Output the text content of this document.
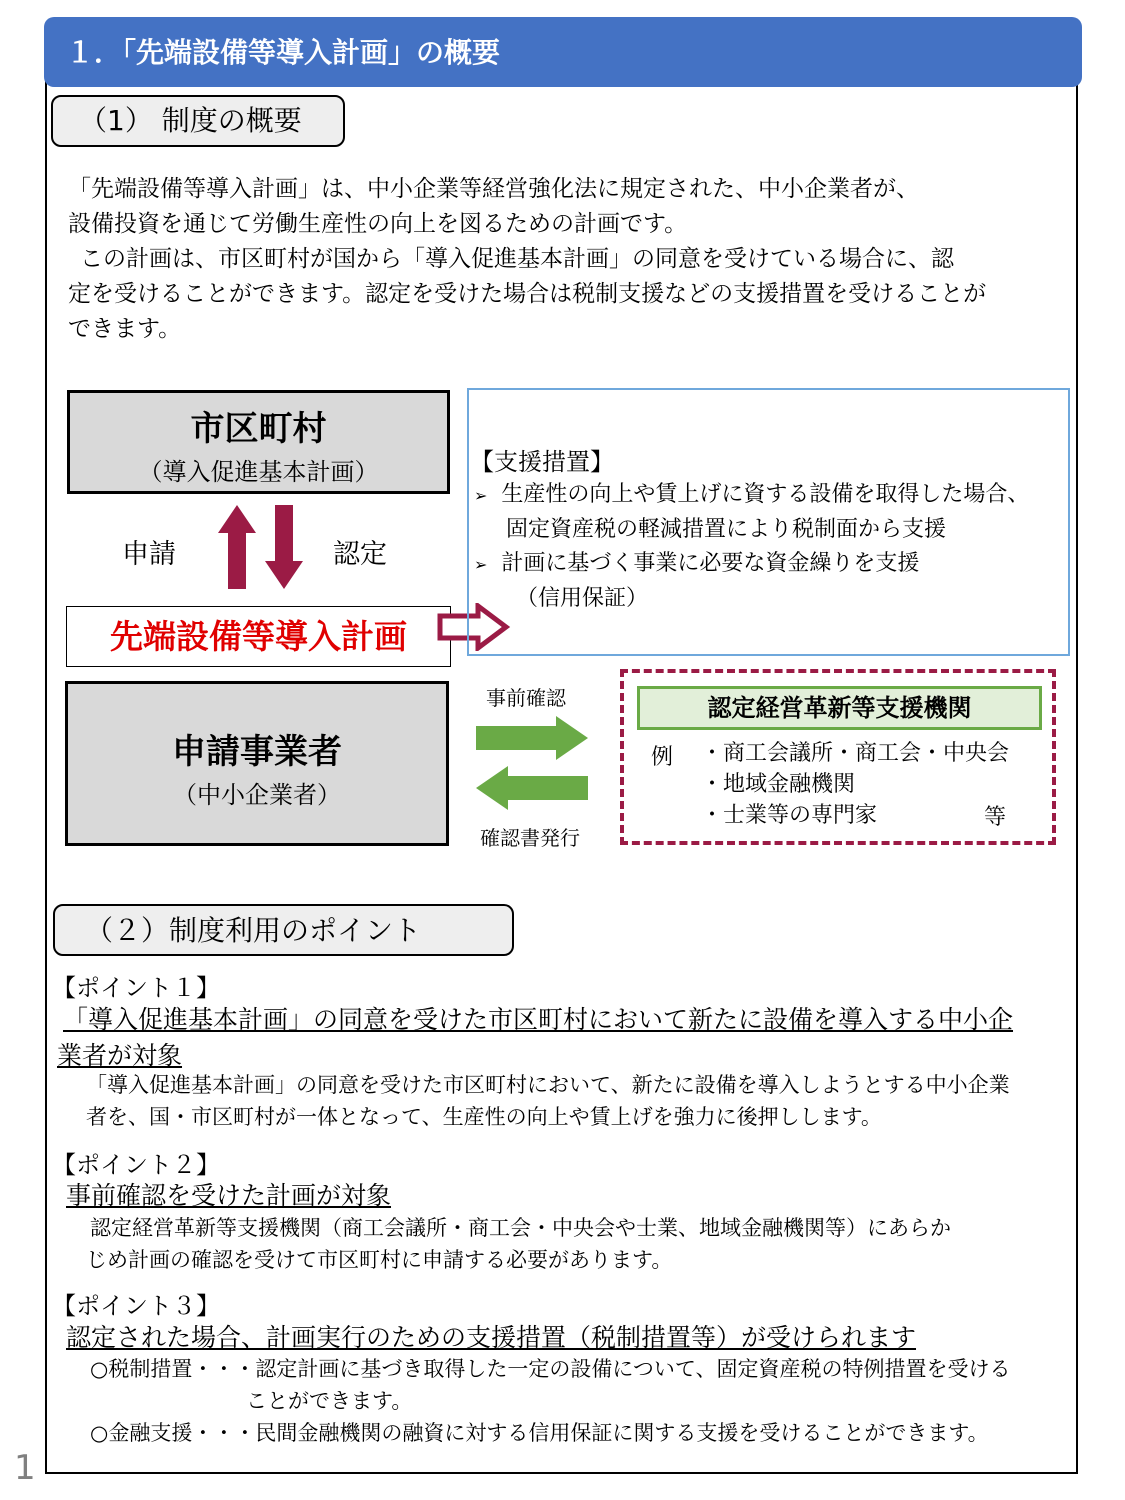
１．「先端設備等導入計画」の概要
（1） 制度の概要
「先端設備等導入計画」は、中小企業等経営強化法に規定された、中小企業者が、
設備投資を通じて労働生産性の向上を図るための計画です。
この計画は、市区町村が国から「導入促進基本計画」の同意を受けている場合に、認
定を受けることができます。認定を受けた場合は税制支援などの支援措置を受けることが
できます。
市区町村
（導入促進基本計画）
申請	認定
先端設備等導入計画
【支援措置】
➢ 生産性の向上や賃上げに資する設備を取得した場合、
固定資産税の軽減措置により税制面から支援
➢ 計画に基づく事業に必要な資金繰りを支援
（信用保証）
申請事業者
（中小企業者）
事前確認
確認書発行
認定経営革新等支援機関
例 ・商工会議所・商工会・中央会
・地域金融機関
・士業等の専門家	等
（２）制度利用のポイント
【ポイント１】
「導入促進基本計画」の同意を受けた市区町村において新たに設備を導入する中小企
業者が対象
「導入促進基本計画」の同意を受けた市区町村において、新たに設備を導入しようとする中小企業
者を、国・市区町村が一体となって、生産性の向上や賃上げを強力に後押しします。
【ポイント２】
事前確認を受けた計画が対象
認定経営革新等支援機関（商工会議所・商工会・中央会や士業、地域金融機関等）にあらか
じめ計画の確認を受けて市区町村に申請する必要があります。
【ポイント３】
認定された場合、計画実行のための支援措置（税制措置等）が受けられます
○税制措置・・・認定計画に基づき取得した一定の設備について、固定資産税の特例措置を受ける
ことができます。
○金融支援・・・民間金融機関の融資に対する信用保証に関する支援を受けることができます。
1
